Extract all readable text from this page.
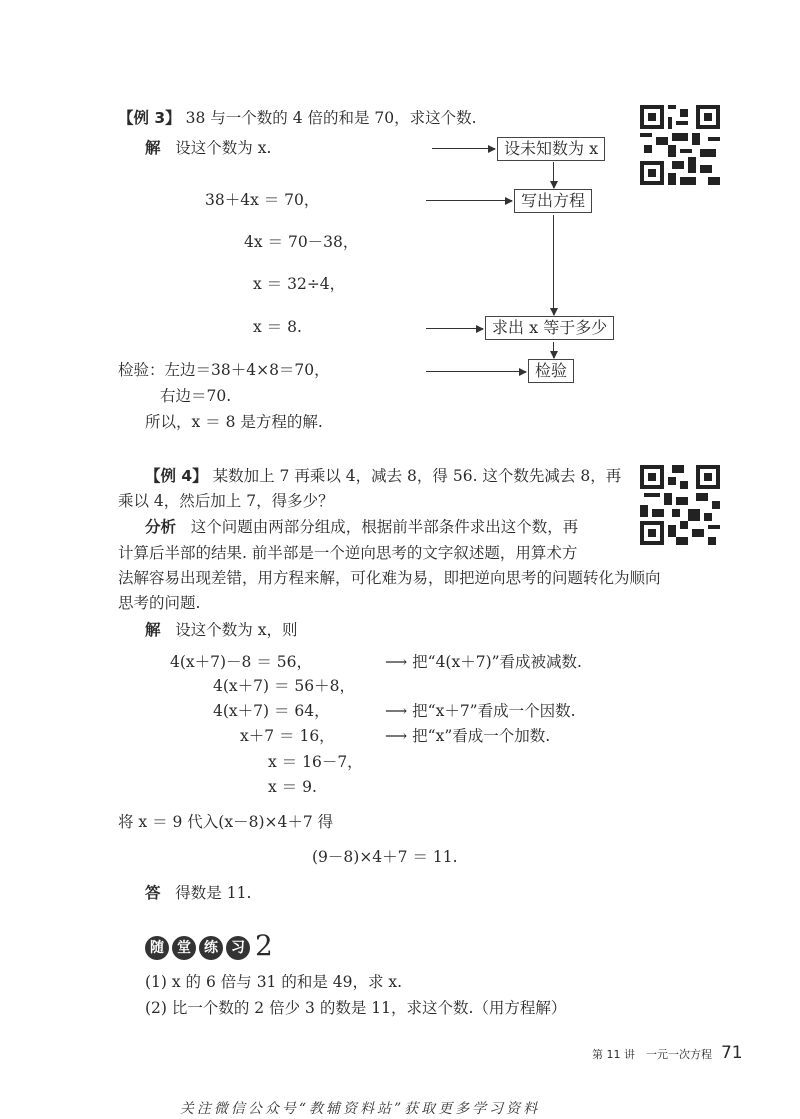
【例 3】 38 与一个数的 4 倍的和是 70，求这个数.
解 设这个数为 x.
38＋4x ＝ 70，
4x ＝ 70－38，
x ＝ 32÷4，
x ＝ 8.
检验：左边＝38＋4×8＝70，
右边＝70.
所以，x ＝ 8 是方程的解.
设未知数为 x
写出方程
求出 x 等于多少
检验
【例 4】 某数加上 7 再乘以 4，减去 8，得 56. 这个数先减去 8，再
乘以 4，然后加上 7，得多少？
分析 这个问题由两部分组成，根据前半部条件求出这个数，再
计算后半部的结果. 前半部是一个逆向思考的文字叙述题，用算术方
法解容易出现差错，用方程来解，可化难为易，即把逆向思考的问题转化为顺向
思考的问题.
解 设这个数为 x，则
4(x＋7)－8 ＝ 56，
4(x＋7) ＝ 56＋8，
4(x＋7) ＝ 64，
x＋7 ＝ 16，
x ＝ 16－7，
x ＝ 9.
⟶ 把“4(x＋7)”看成被减数.
⟶ 把“x＋7”看成一个因数.
⟶ 把“x”看成一个加数.
将 x ＝ 9 代入(x－8)×4＋7 得
(9－8)×4＋7 ＝ 11.
答 得数是 11.
随 堂 练 习 2
(1) x 的 6 倍与 31 的和是 49，求 x.
(2) 比一个数的 2 倍少 3 的数是 11，求这个数.（用方程解）
第 11 讲　一元一次方程 71
关注微信公众号“教辅资料站”获取更多学习资料
